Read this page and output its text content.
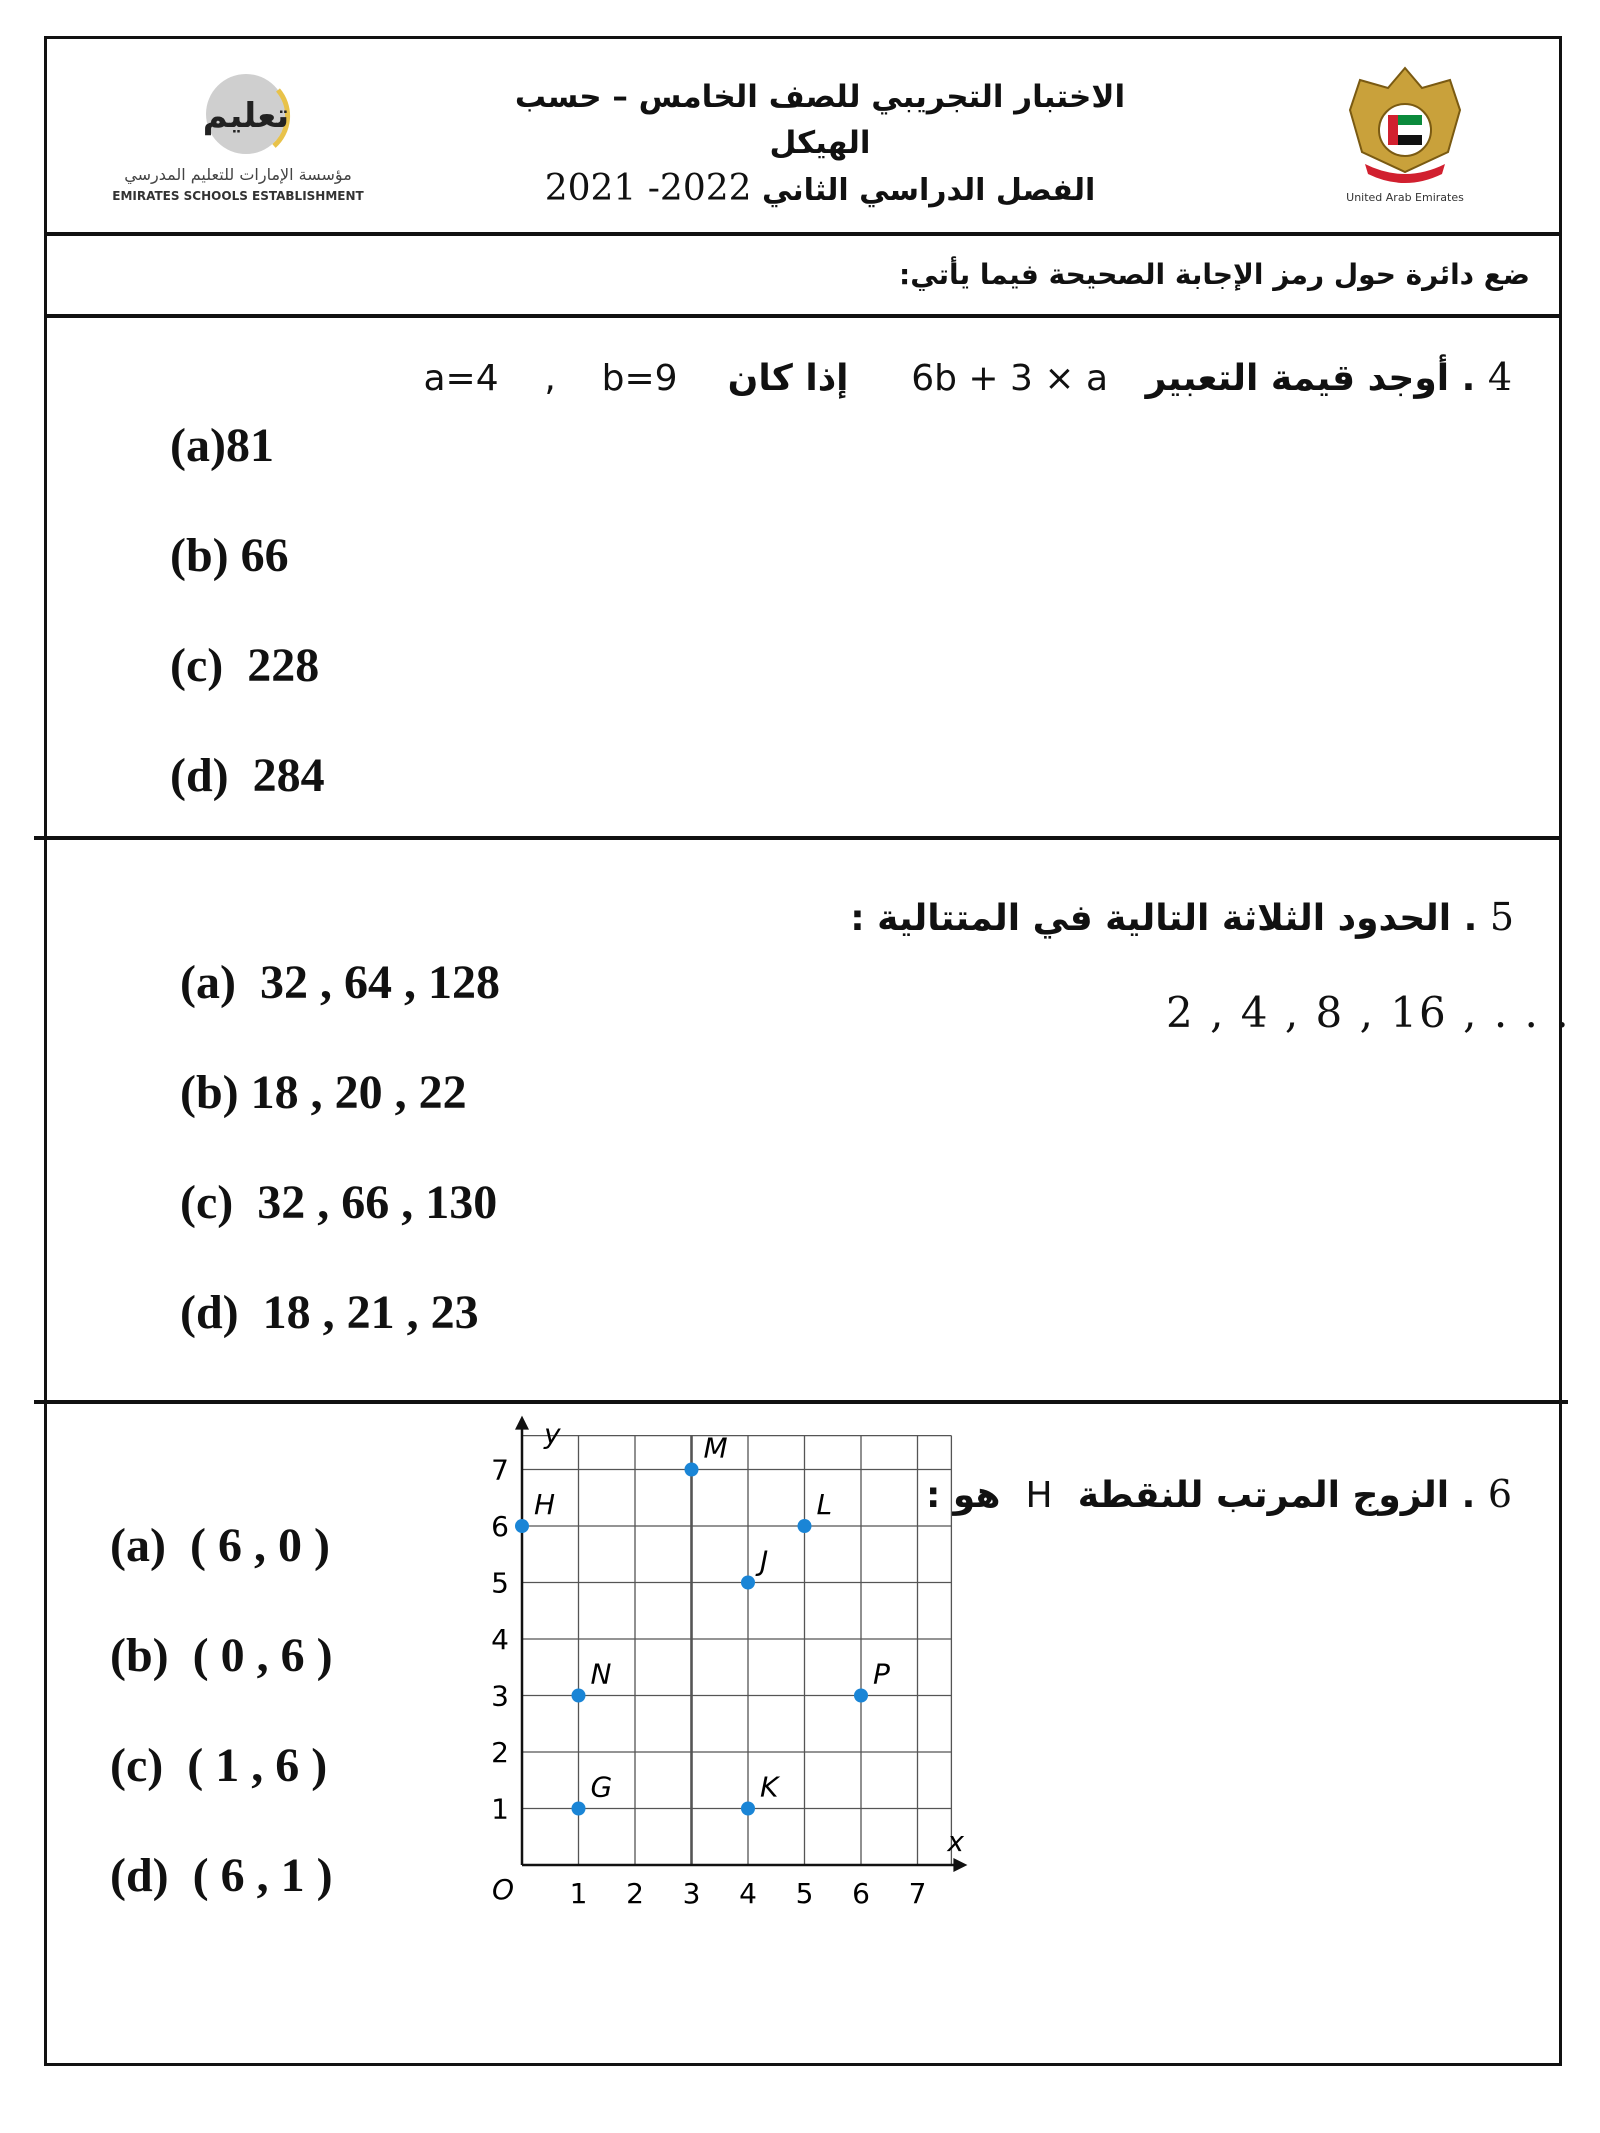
تعليم
مؤسسة الإمارات للتعليم المدرسي
EMIRATES SCHOOLS ESTABLISHMENT	United Arab Emirates
الاختبار التجريبي للصف الخامس – حسب الهيكل
الفصل الدراسي الثاني 2021 -2022
ضع دائرة حول رمز الإجابة الصحيحة فيما يأتي:
4 . أوجد قيمة التعبير   6b + 3 × a     إذا كان    a=4    ,    b=9
(a)81
(b) 66
(c)  228
(d)  284
5 . الحدود الثلاثة التالية في المتتالية :
2 , 4 , 8 , 16 , . . .
(a)  32 , 64 , 128
(b) 18 , 20 , 22
(c)  32 , 66 , 130
(d)  18 , 21 , 23
6 . الزوج المرتب للنقطة  H  هو :
(a)  ( 6 , 0 )
(b)  ( 0 , 6 )
(c)  ( 1 , 6 )
(d)  ( 6 , 1 )
x
y
O 1 2 3 4 5 6 7
1
2
3
4
5
6
7
H
M
L
J
N	P
G	K
